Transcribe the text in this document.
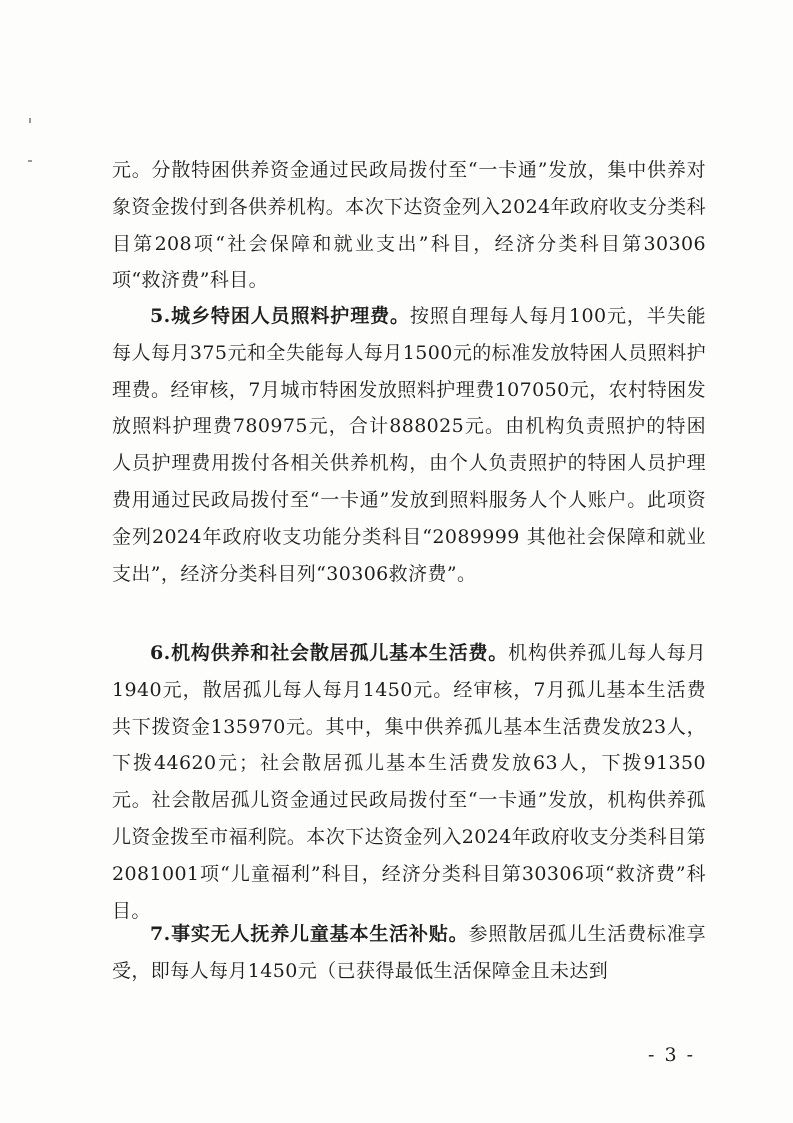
元。分散特困供养资金通过民政局拨付至“一卡通”发放，集中供养对象资金拨付到各供养机构。本次下达资金列入2024年政府收支分类科目第208项“社会保障和就业支出”科目，经济分类科目第30306项“救济费”科目。

5.城乡特困人员照料护理费。按照自理每人每月100元，半失能每人每月375元和全失能每人每月1500元的标准发放特困人员照料护理费。经审核，7月城市特困发放照料护理费107050元，农村特困发放照料护理费780975元，合计888025元。由机构负责照护的特困人员护理费用拨付各相关供养机构，由个人负责照护的特困人员护理费用通过民政局拨付至“一卡通”发放到照料服务人个人账户。此项资金列2024年政府收支功能分类科目“2089999 其他社会保障和就业支出”，经济分类科目列“30306救济费”。

6.机构供养和社会散居孤儿基本生活费。机构供养孤儿每人每月1940元，散居孤儿每人每月1450元。经审核，7月孤儿基本生活费共下拨资金135970元。其中，集中供养孤儿基本生活费发放23人，下拨44620元；社会散居孤儿基本生活费发放63人，下拨91350元。社会散居孤儿资金通过民政局拨付至“一卡通”发放，机构供养孤儿资金拨至市福利院。本次下达资金列入2024年政府收支分类科目第2081001项“儿童福利”科目，经济分类科目第30306项“救济费”科目。

7.事实无人抚养儿童基本生活补贴。参照散居孤儿生活费标准享受，即每人每月1450元（已获得最低生活保障金且未达到

- 3 -
